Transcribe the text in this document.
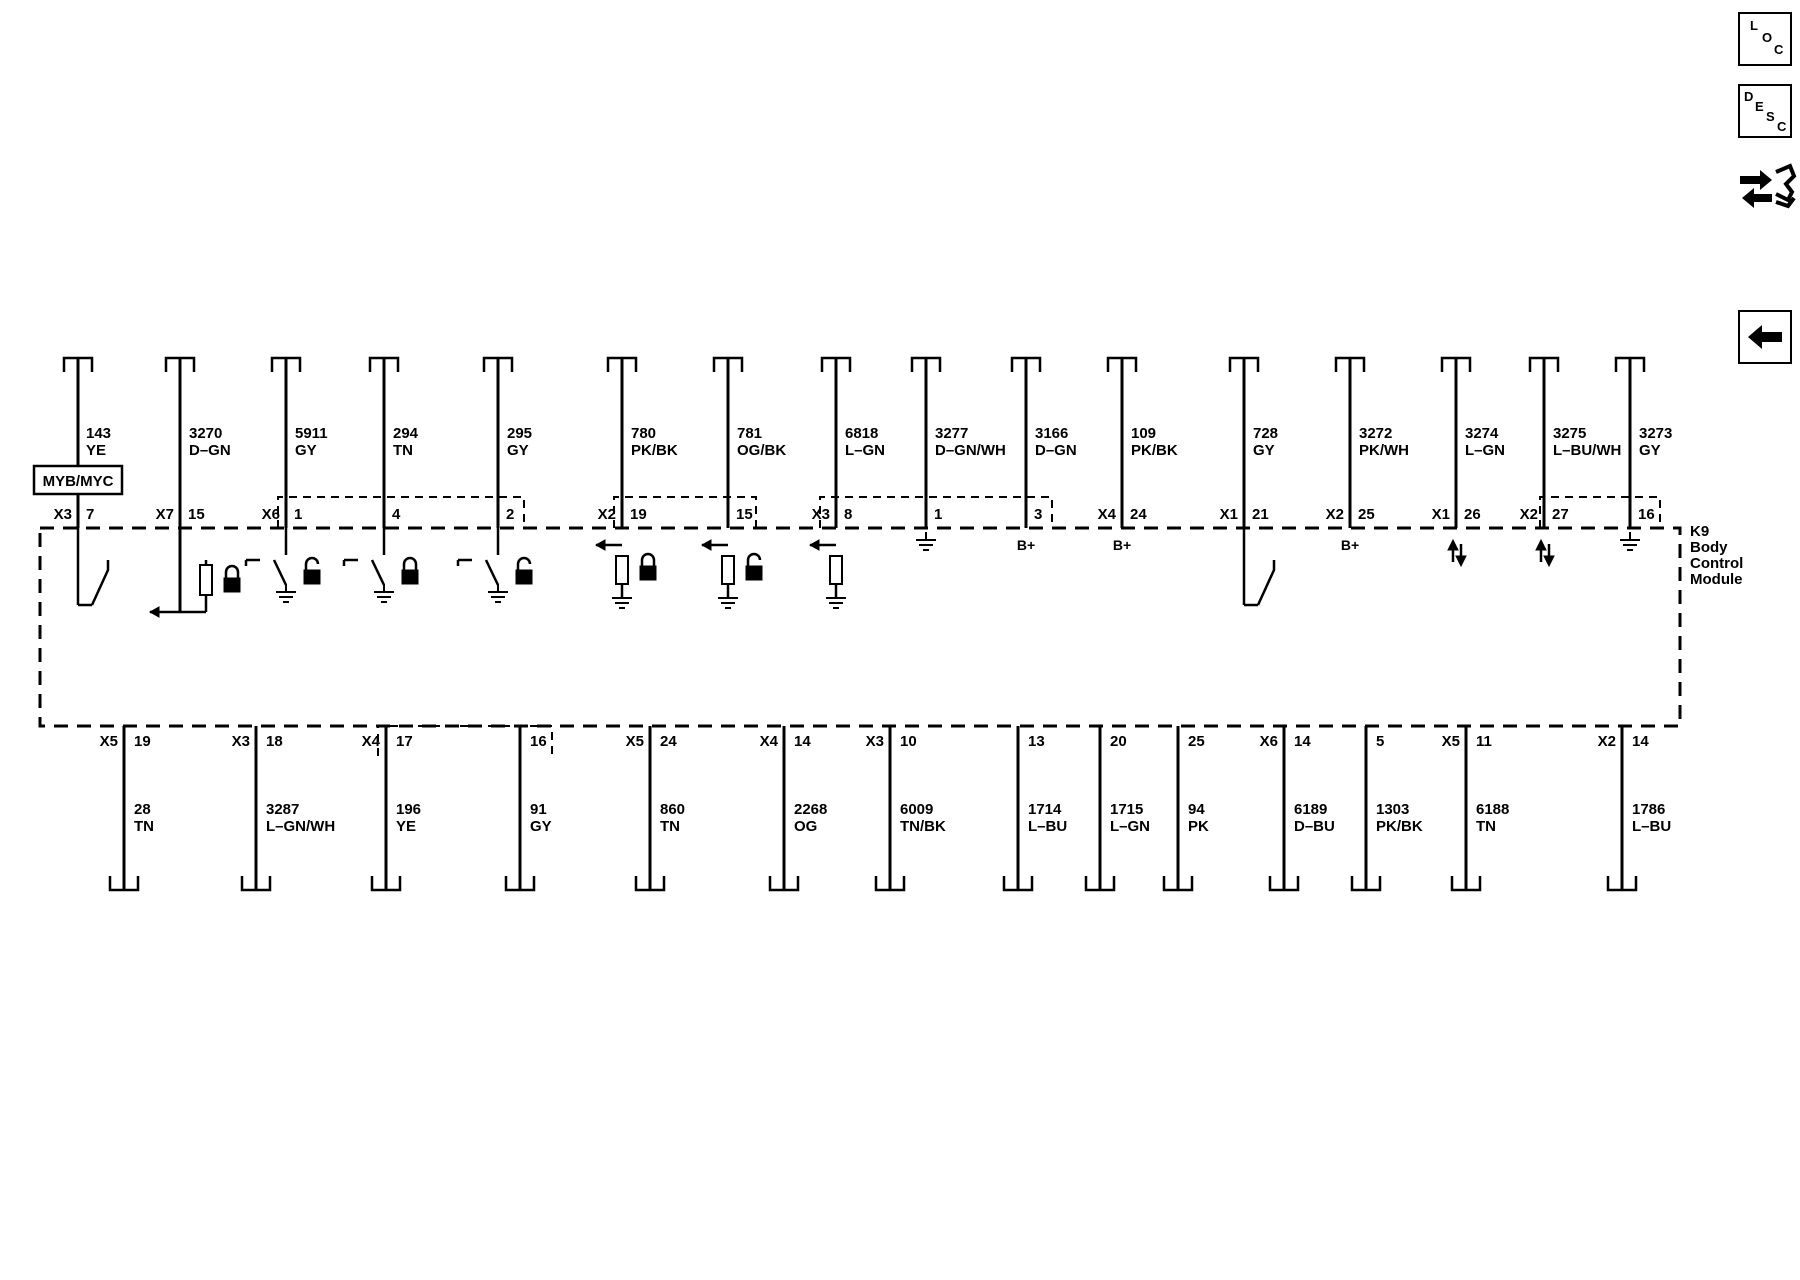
K9
Body
Control
Module
143
YE
X3 7
3270
D–GN
X7 15
5911
GY
X6 1
294
TN
4
295
GY
2
780
PK/BK
X2 19
781
OG/BK
15
6818
L–GN
X3 8
3277
D–GN/WH
1
3166
D–GN
3
109
PK/BK
X4 24
728
GY
X1 21
3272
PK/WH
X2 25
3274
L–GN
X1 26
3275
L–BU/WH
X2 27
3273
GY
16
MYB/MYC
B+	B+	B+
28
TN
X5 19
3287
L–GN/WH
X3 18
196
YE
X4 17
91
GY
16
860
TN
X5 24
2268
OG
X4 14
6009
TN/BK
X3 10
1714
L–BU
13
1715
L–GN
20
94
PK
25
6189
D–BU
X6 14
1303
PK/BK
5
6188
TN
X5 11
1786
L–BU
X2 14
L
O
C
D
E
S
C
